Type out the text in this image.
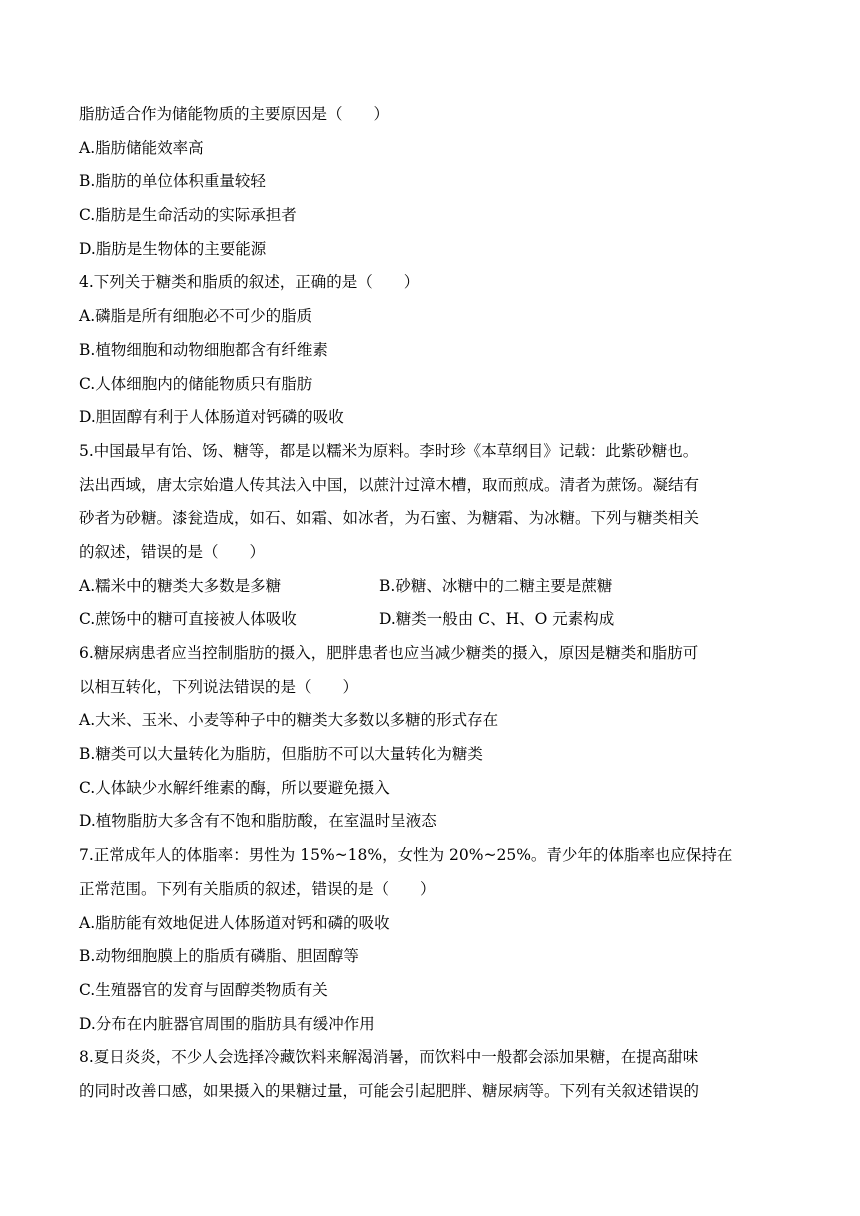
脂肪适合作为储能物质的主要原因是（　　）
A.脂肪储能效率高
B.脂肪的单位体积重量较轻
C.脂肪是生命活动的实际承担者
D.脂肪是生物体的主要能源
4.下列关于糖类和脂质的叙述，正确的是（　　）
A.磷脂是所有细胞必不可少的脂质
B.植物细胞和动物细胞都含有纤维素
C.人体细胞内的储能物质只有脂肪
D.胆固醇有利于人体肠道对钙磷的吸收
5.中国最早有饴、饧、糖等，都是以糯米为原料。李时珍《本草纲目》记载：此紫砂糖也。
法出西域，唐太宗始遣人传其法入中国，以蔗汁过漳木槽，取而煎成。清者为蔗饧。凝结有
砂者为砂糖。漆瓮造成，如石、如霜、如冰者，为石蜜、为糖霜、为冰糖。下列与糖类相关
的叙述，错误的是（　　）
A.糯米中的糖类大多数是多糖	B.砂糖、冰糖中的二糖主要是蔗糖
C.蔗饧中的糖可直接被人体吸收	D.糖类一般由 C、H、O 元素构成
6.糖尿病患者应当控制脂肪的摄入，肥胖患者也应当减少糖类的摄入，原因是糖类和脂肪可
以相互转化，下列说法错误的是（　　）
A.大米、玉米、小麦等种子中的糖类大多数以多糖的形式存在
B.糖类可以大量转化为脂肪，但脂肪不可以大量转化为糖类
C.人体缺少水解纤维素的酶，所以要避免摄入
D.植物脂肪大多含有不饱和脂肪酸，在室温时呈液态
7.正常成年人的体脂率：男性为 15%~18%，女性为 20%~25%。青少年的体脂率也应保持在
正常范围。下列有关脂质的叙述，错误的是（　　）
A.脂肪能有效地促进人体肠道对钙和磷的吸收
B.动物细胞膜上的脂质有磷脂、胆固醇等
C.生殖器官的发育与固醇类物质有关
D.分布在内脏器官周围的脂肪具有缓冲作用
8.夏日炎炎，不少人会选择冷藏饮料来解渴消暑，而饮料中一般都会添加果糖，在提高甜味
的同时改善口感，如果摄入的果糖过量，可能会引起肥胖、糖尿病等。下列有关叙述错误的
